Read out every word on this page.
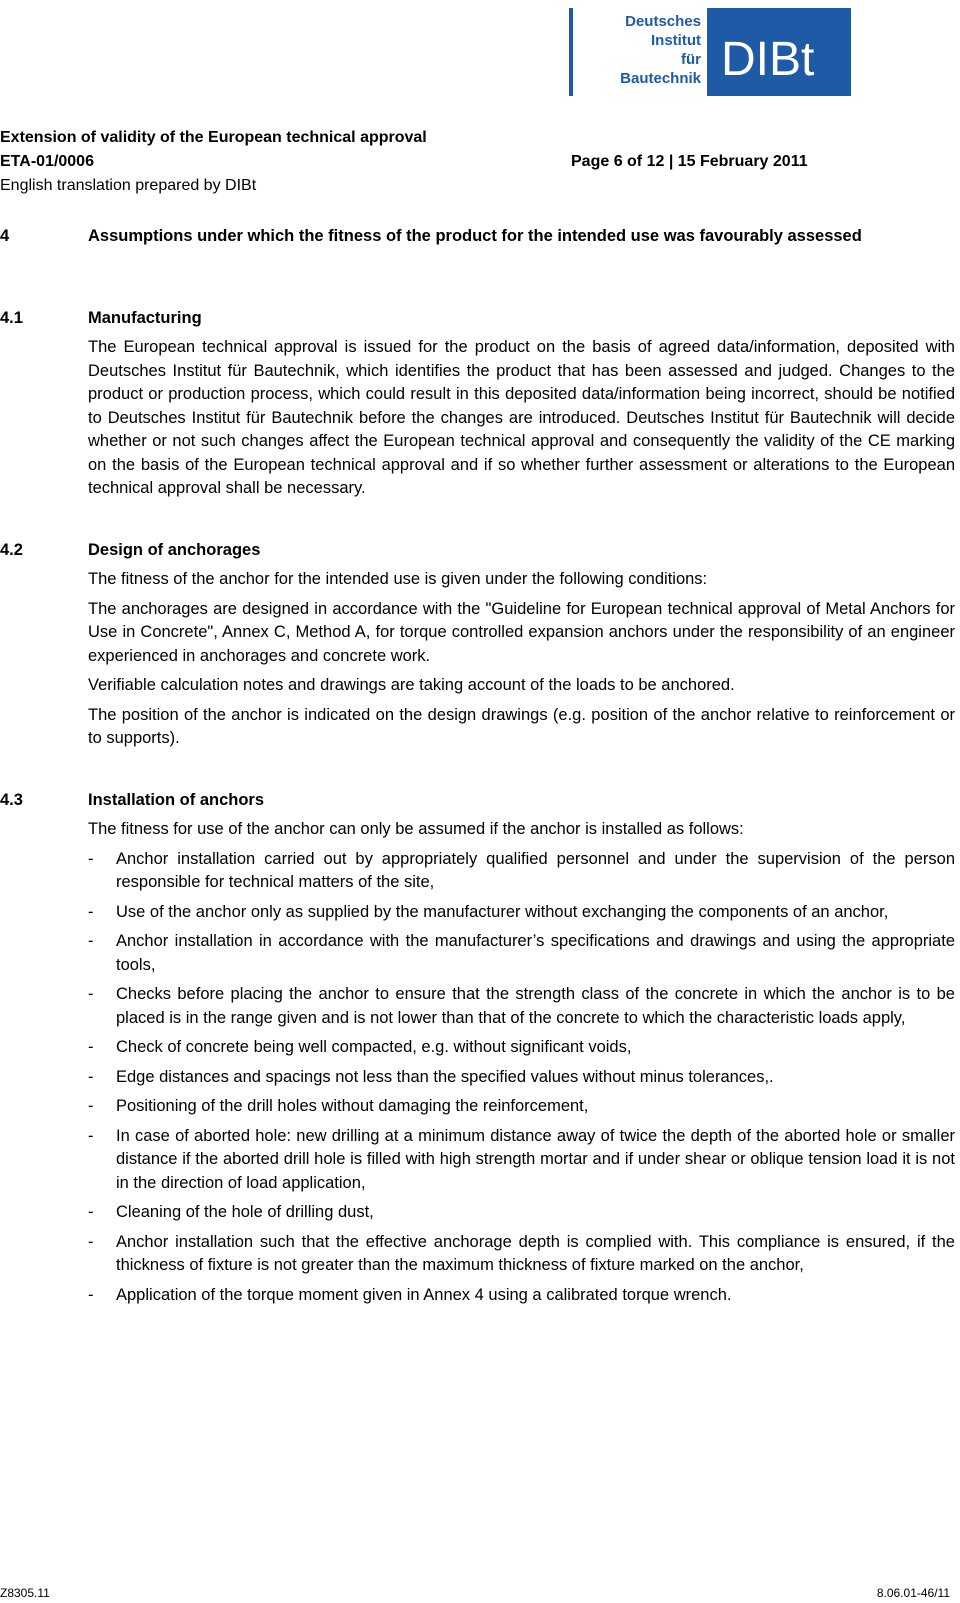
Deutsches
Institut
für
Bautechnik DIBt
Extension of validity of the European technical approval
ETA-01/0006	Page 6 of 12 | 15 February 2011
English translation prepared by DIBt
4	Assumptions under which the fitness of the product for the intended use was favourably assessed
4.1	Manufacturing

The European technical approval is issued for the product on the basis of agreed data/information, deposited with Deutsches Institut für Bautechnik, which identifies the product that has been assessed and judged. Changes to the product or production process, which could result in this deposited data/information being incorrect, should be notified to Deutsches Institut für Bautechnik before the changes are introduced. Deutsches Institut für Bautechnik will decide whether or not such changes affect the European technical approval and consequently the validity of the CE marking on the basis of the European technical approval and if so whether further assessment or alterations to the European technical approval shall be necessary.

4.2	Design of anchorages

The fitness of the anchor for the intended use is given under the following conditions:

The anchorages are designed in accordance with the "Guideline for European technical approval of Metal Anchors for Use in Concrete", Annex C, Method A, for torque controlled expansion anchors under the responsibility of an engineer experienced in anchorages and concrete work.

Verifiable calculation notes and drawings are taking account of the loads to be anchored.

The position of the anchor is indicated on the design drawings (e.g. position of the anchor relative to reinforcement or to supports).

4.3	Installation of anchors

The fitness for use of the anchor can only be assumed if the anchor is installed as follows:

- Anchor installation carried out by appropriately qualified personnel and under the supervision of the person responsible for technical matters of the site,
- Use of the anchor only as supplied by the manufacturer without exchanging the components of an anchor,
- Anchor installation in accordance with the manufacturer’s specifications and drawings and using the appropriate tools,
- Checks before placing the anchor to ensure that the strength class of the concrete in which the anchor is to be placed is in the range given and is not lower than that of the concrete to which the characteristic loads apply,
- Check of concrete being well compacted, e.g. without significant voids,
- Edge distances and spacings not less than the specified values without minus tolerances,.
- Positioning of the drill holes without damaging the reinforcement,
- In case of aborted hole: new drilling at a minimum distance away of twice the depth of the aborted hole or smaller distance if the aborted drill hole is filled with high strength mortar and if under shear or oblique tension load it is not in the direction of load application,
- Cleaning of the hole of drilling dust,
- Anchor installation such that the effective anchorage depth is complied with. This compliance is ensured, if the thickness of fixture is not greater than the maximum thickness of fixture marked on the anchor,
- Application of the torque moment given in Annex 4 using a calibrated torque wrench.
Z8305.11	8.06.01-46/11
